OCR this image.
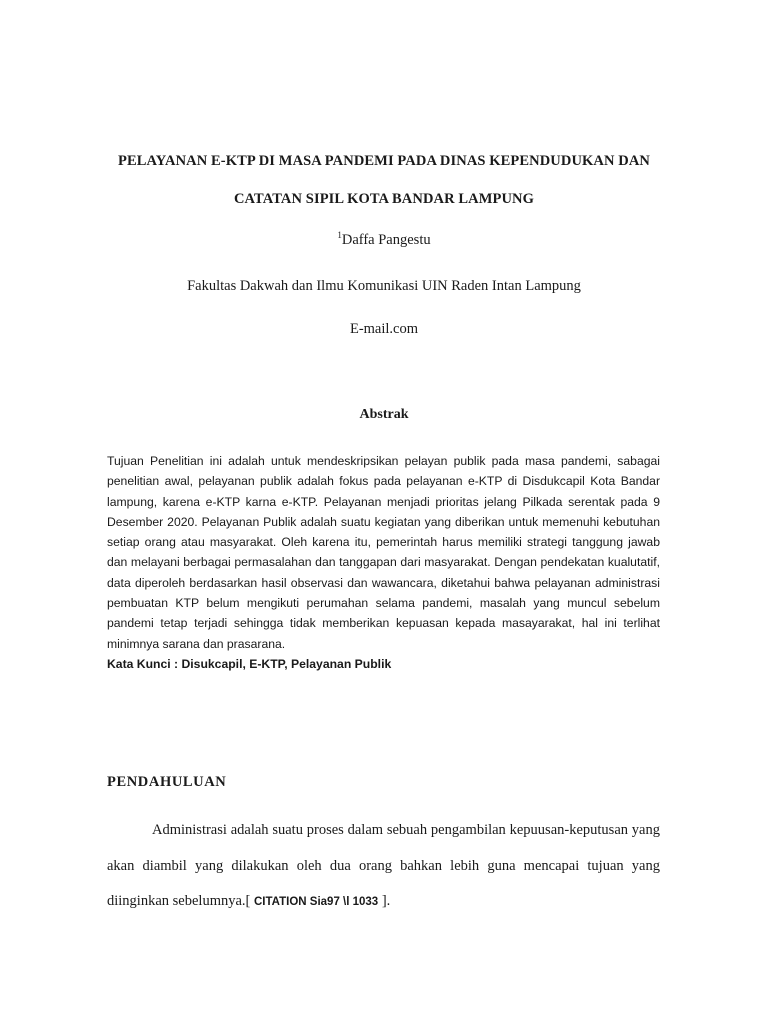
PELAYANAN E-KTP DI MASA PANDEMI PADA DINAS KEPENDUDUKAN DAN
CATATAN SIPIL KOTA BANDAR LAMPUNG
$^1$Daffa Pangestu
Fakultas Dakwah dan Ilmu Komunikasi UIN Raden Intan Lampung
E-mail.com
Abstrak

Tujuan Penelitian ini adalah untuk mendeskripsikan pelayan publik pada masa pandemi, sabagai penelitian awal, pelayanan publik adalah fokus pada pelayanan e-KTP di Disdukcapil Kota Bandar lampung, karena e-KTP karna e-KTP. Pelayanan menjadi prioritas jelang Pilkada serentak pada 9 Desember 2020. Pelayanan Publik adalah suatu kegiatan yang diberikan untuk memenuhi kebutuhan setiap orang atau masyarakat. Oleh karena itu, pemerintah harus memiliki strategi tanggung jawab dan melayani berbagai permasalahan dan tanggapan dari masyarakat. Dengan pendekatan kualutatif, data diperoleh berdasarkan hasil observasi dan wawancara, diketahui bahwa pelayanan administrasi pembuatan KTP belum mengikuti perumahan selama pandemi, masalah yang muncul sebelum pandemi tetap terjadi sehingga tidak memberikan kepuasan kepada masayarakat, hal ini terlihat minimnya sarana dan prasarana.

Kata Kunci : Disukcapil, E-KTP, Pelayanan Publik
PENDAHULUAN

Administrasi adalah suatu proses dalam sebuah pengambilan kepuusan-keputusan yang akan diambil yang dilakukan oleh dua orang bahkan lebih guna mencapai tujuan yang diinginkan sebelumnya.[ CITATION Sia97 \l 1033 ].
